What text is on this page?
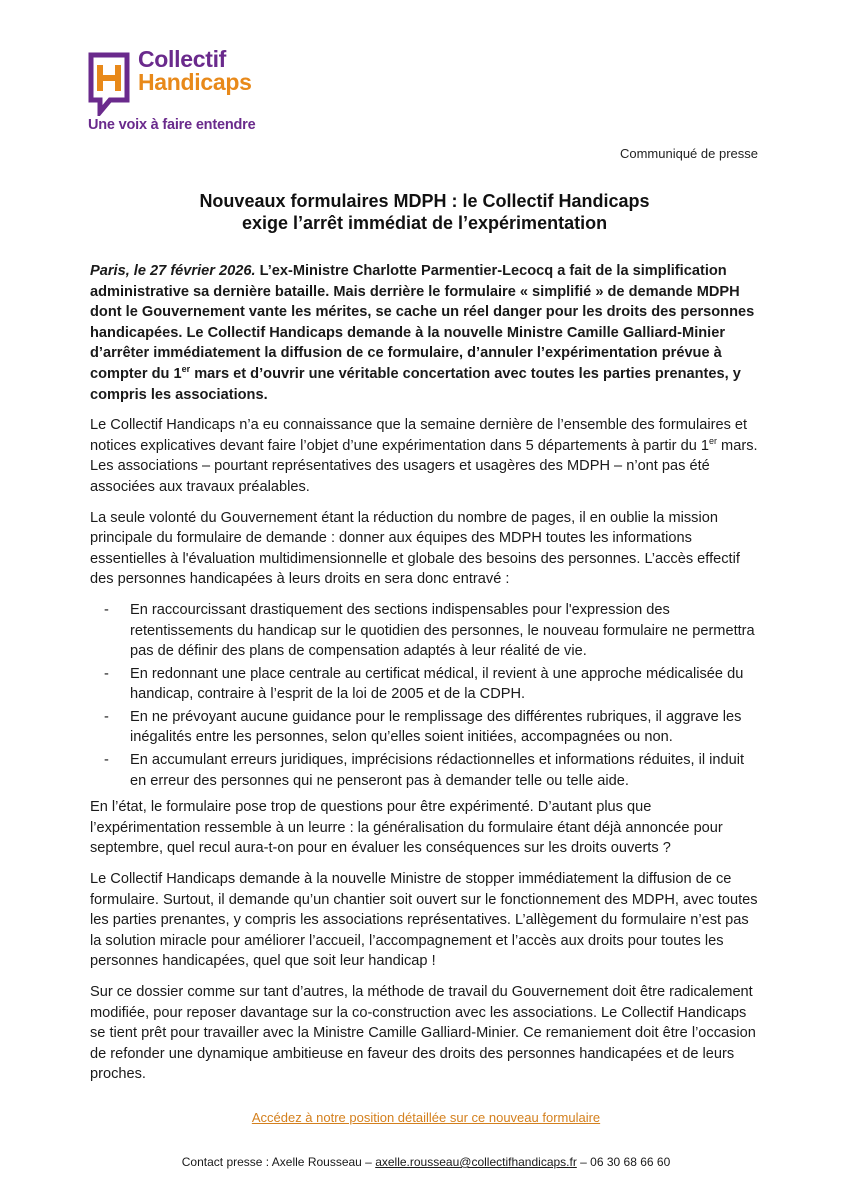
Collectif
Handicaps
Une voix à faire entendre
Communiqué de presse
Nouveaux formulaires MDPH : le Collectif Handicaps
exige l’arrêt immédiat de l’expérimentation

Paris, le 27 février 2026. L’ex-Ministre Charlotte Parmentier-Lecocq a fait de la simplification administrative sa dernière bataille. Mais derrière le formulaire « simplifié » de demande MDPH dont le Gouvernement vante les mérites, se cache un réel danger pour les droits des personnes handicapées. Le Collectif Handicaps demande à la nouvelle Ministre Camille Galliard-Minier d’arrêter immédiatement la diffusion de ce formulaire, d’annuler l’expérimentation prévue à compter du 1er mars et d’ouvrir une véritable concertation avec toutes les parties prenantes, y compris les associations.

Le Collectif Handicaps n’a eu connaissance que la semaine dernière de l’ensemble des formulaires et notices explicatives devant faire l’objet d’une expérimentation dans 5 départements à partir du 1er mars. Les associations – pourtant représentatives des usagers et usagères des MDPH – n’ont pas été associées aux travaux préalables.

La seule volonté du Gouvernement étant la réduction du nombre de pages, il en oublie la mission principale du formulaire de demande : donner aux équipes des MDPH toutes les informations essentielles à l'évaluation multidimensionnelle et globale des besoins des personnes. L’accès effectif des personnes handicapées à leurs droits en sera donc entravé :

- En raccourcissant drastiquement des sections indispensables pour l'expression des retentissements du handicap sur le quotidien des personnes, le nouveau formulaire ne permettra pas de définir des plans de compensation adaptés à leur réalité de vie.
- En redonnant une place centrale au certificat médical, il revient à une approche médicalisée du handicap, contraire à l’esprit de la loi de 2005 et de la CDPH.
- En ne prévoyant aucune guidance pour le remplissage des différentes rubriques, il aggrave les inégalités entre les personnes, selon qu’elles soient initiées, accompagnées ou non.
- En accumulant erreurs juridiques, imprécisions rédactionnelles et informations réduites, il induit en erreur des personnes qui ne penseront pas à demander telle ou telle aide.

En l’état, le formulaire pose trop de questions pour être expérimenté. D’autant plus que l’expérimentation ressemble à un leurre : la généralisation du formulaire étant déjà annoncée pour septembre, quel recul aura-t-on pour en évaluer les conséquences sur les droits ouverts ?

Le Collectif Handicaps demande à la nouvelle Ministre de stopper immédiatement la diffusion de ce formulaire. Surtout, il demande qu’un chantier soit ouvert sur le fonctionnement des MDPH, avec toutes les parties prenantes, y compris les associations représentatives. L’allègement du formulaire n’est pas la solution miracle pour améliorer l’accueil, l’accompagnement et l’accès aux droits pour toutes les personnes handicapées, quel que soit leur handicap !

Sur ce dossier comme sur tant d’autres, la méthode de travail du Gouvernement doit être radicalement modifiée, pour reposer davantage sur la co-construction avec les associations. Le Collectif Handicaps se tient prêt pour travailler avec la Ministre Camille Galliard-Minier. Ce remaniement doit être l’occasion de refonder une dynamique ambitieuse en faveur des droits des personnes handicapées et de leurs proches.

Accédez à notre position détaillée sur ce nouveau formulaire
Contact presse : Axelle Rousseau – axelle.rousseau@collectifhandicaps.fr – 06 30 68 66 60
